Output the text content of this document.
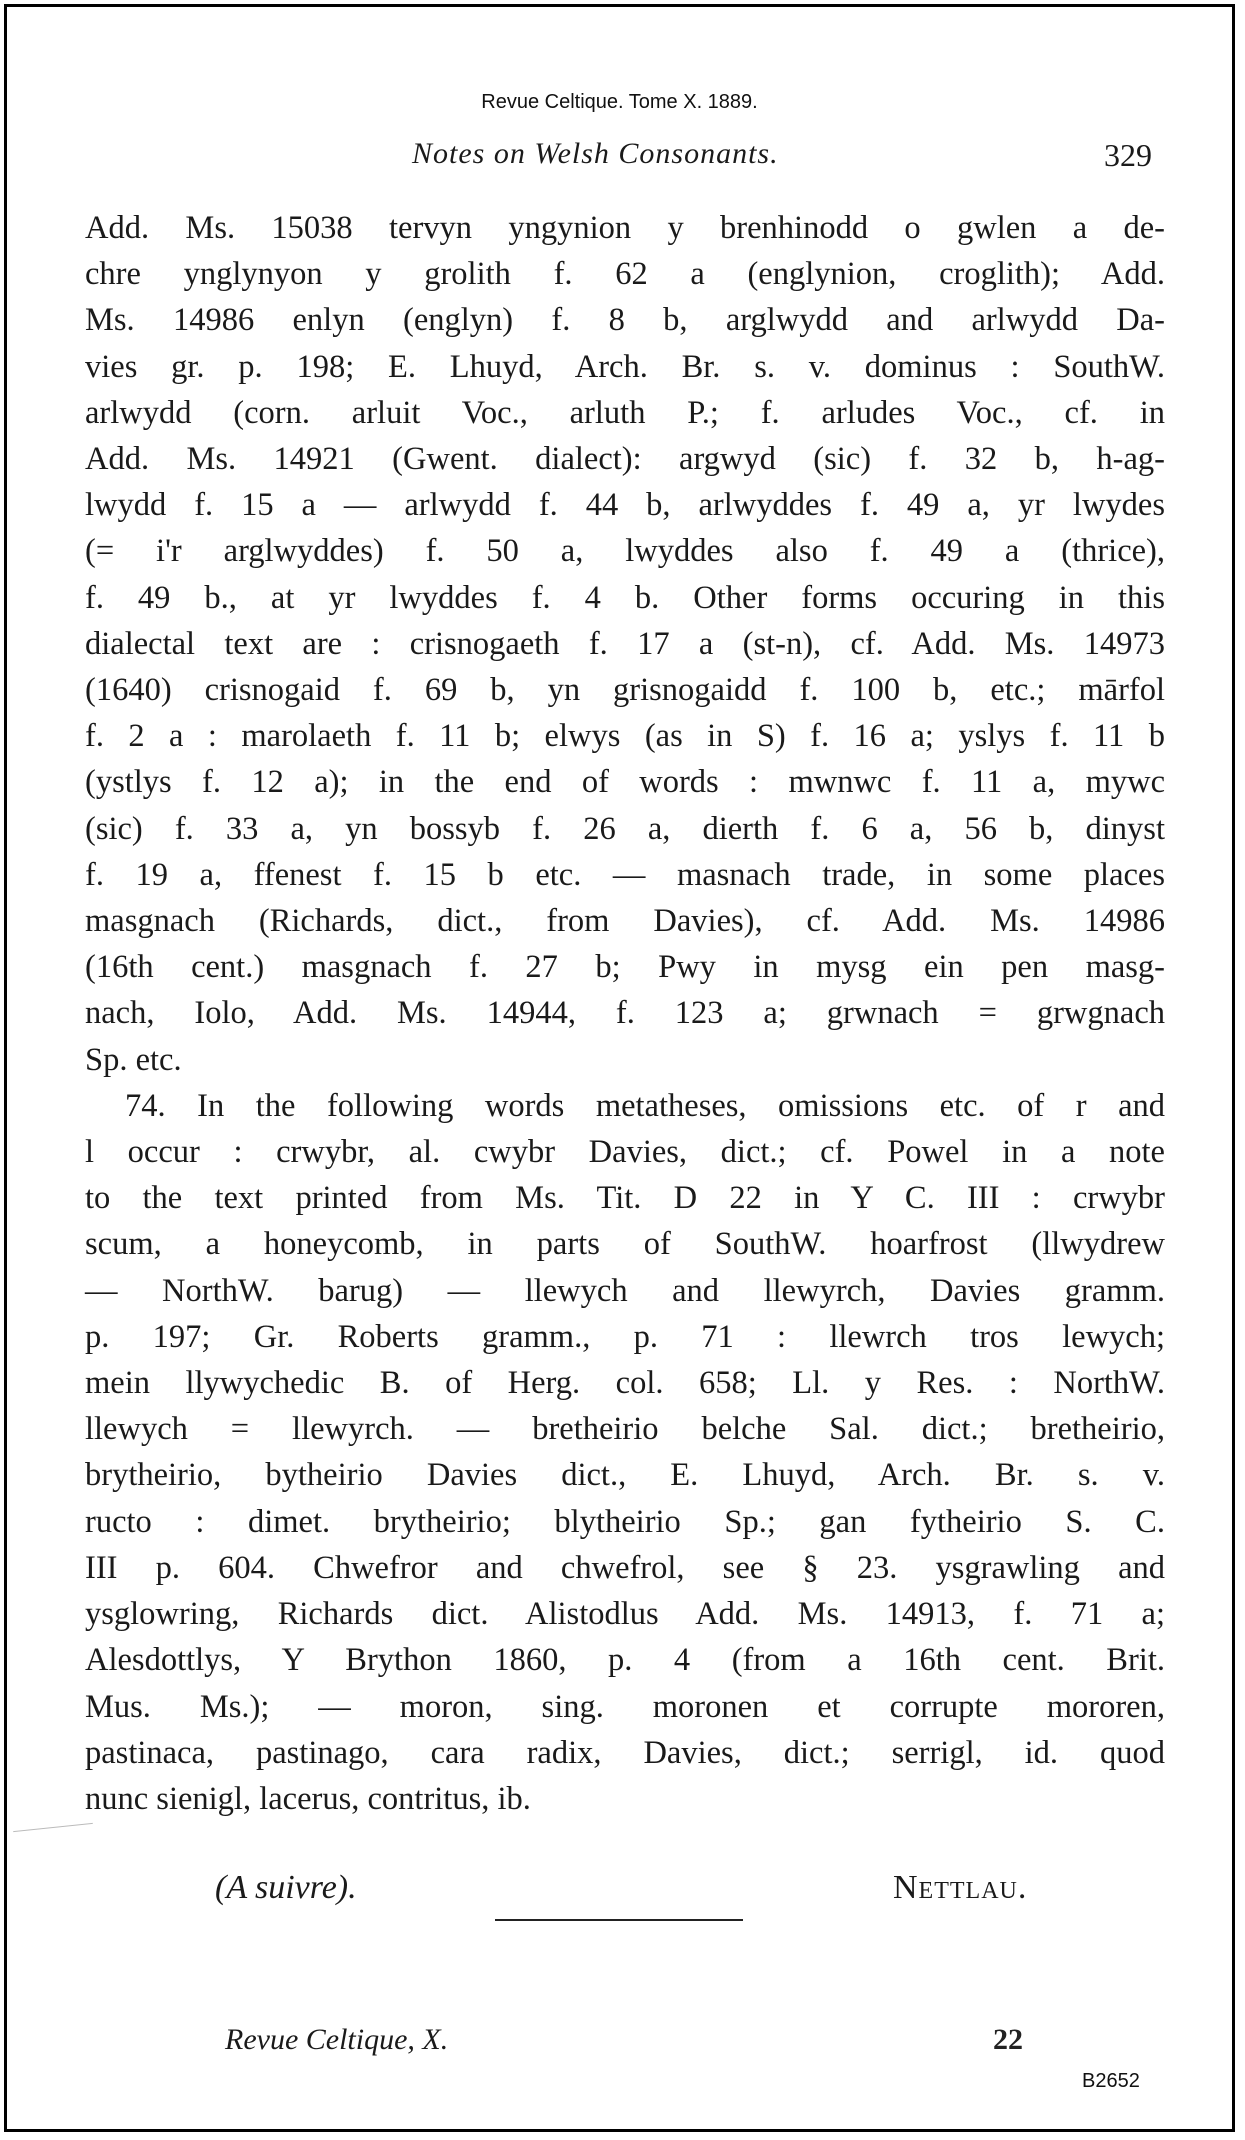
Revue Celtique. Tome X. 1889.
Notes on Welsh Consonants.	329
Add. Ms. 15038 tervyn yngynion y brenhinodd o gwlen a de-
chre ynglynyon y grolith f. 62 a (englynion, croglith); Add.
Ms. 14986 enlyn (englyn) f. 8 b, arglwydd and arlwydd Da-
vies gr. p. 198; E. Lhuyd, Arch. Br. s. v. dominus : SouthW.
arlwydd (corn. arluit Voc., arluth P.; f. arludes Voc., cf. in
Add. Ms. 14921 (Gwent. dialect): argwyd (sic) f. 32 b, h-ag-
lwydd f. 15 a — arlwydd f. 44 b, arlwyddes f. 49 a, yr lwydes
(= i'r arglwyddes) f. 50 a, lwyddes also f. 49 a (thrice),
f. 49 b., at yr lwyddes f. 4 b. Other forms occuring in this
dialectal text are : crisnogaeth f. 17 a (st-n), cf. Add. Ms. 14973
(1640) crisnogaid f. 69 b, yn grisnogaidd f. 100 b, etc.; mārfol
f. 2 a : marolaeth f. 11 b; elwys (as in S) f. 16 a; yslys f. 11 b
(ystlys f. 12 a); in the end of words : mwnwc f. 11 a, mywc
(sic) f. 33 a, yn bossyb f. 26 a, dierth f. 6 a, 56 b, dinyst
f. 19 a, ffenest f. 15 b etc. — masnach trade, in some places
masgnach (Richards, dict., from Davies), cf. Add. Ms. 14986
(16th cent.) masgnach f. 27 b; Pwy in mysg ein pen masg-
nach, Iolo, Add. Ms. 14944, f. 123 a; grwnach = grwgnach
Sp. etc.
74. In the following words metatheses, omissions etc. of r and
l occur : crwybr, al. cwybr Davies, dict.; cf. Powel in a note
to the text printed from Ms. Tit. D 22 in Y C. III : crwybr
scum, a honeycomb, in parts of SouthW. hoarfrost (llwydrew
— NorthW. barug) — llewych and llewyrch, Davies gramm.
p. 197; Gr. Roberts gramm., p. 71 : llewrch tros lewych;
mein llywychedic B. of Herg. col. 658; Ll. y Res. : NorthW.
llewych = llewyrch. — bretheirio belche Sal. dict.; bretheirio,
brytheirio, bytheirio Davies dict., E. Lhuyd, Arch. Br. s. v.
ructo : dimet. brytheirio; blytheirio Sp.; gan fytheirio S. C.
III p. 604. Chwefror and chwefrol, see § 23. ysgrawling and
ysglowring, Richards dict. Alistodlus Add. Ms. 14913, f. 71 a;
Alesdottlys, Y Brython 1860, p. 4 (from a 16th cent. Brit.
Mus. Ms.); — moron, sing. moronen et corrupte mororen,
pastinaca, pastinago, cara radix, Davies, dict.; serrigl, id. quod
nunc sienigl, lacerus, contritus, ib.
(A suivre).	Nettlau.
Revue Celtique, X.	22
B2652
